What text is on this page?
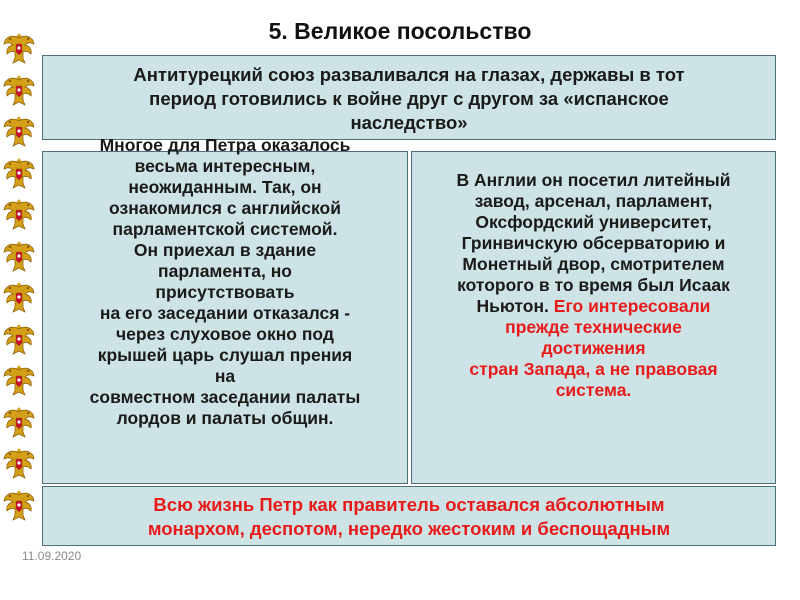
5. Великое посольство
Антитурецкий союз разваливался на глазах, державы в тот
период готовились к войне друг с другом за «испанское
наследство»
Многое для Петра оказалось
весьма интересным,
неожиданным. Так, он
ознакомился с английской
парламентской системой.
Он приехал в здание
парламента, но
присутствовать
на его заседании отказался -
через слуховое окно под
крышей царь слушал прения
на
совместном заседании палаты
лордов и палаты общин.
В Англии он посетил литейный
завод, арсенал, парламент,
Оксфордский университет,
Гринвичскую обсерваторию и
Монетный двор, смотрителем
которого в то время был Исаак
Ньютон. Его интересовали
прежде технические
достижения
стран Запада, а не правовая
система.
Всю жизнь Петр как правитель оставался абсолютным
монархом, деспотом, нередко жестоким и беспощадным
11.09.2020
